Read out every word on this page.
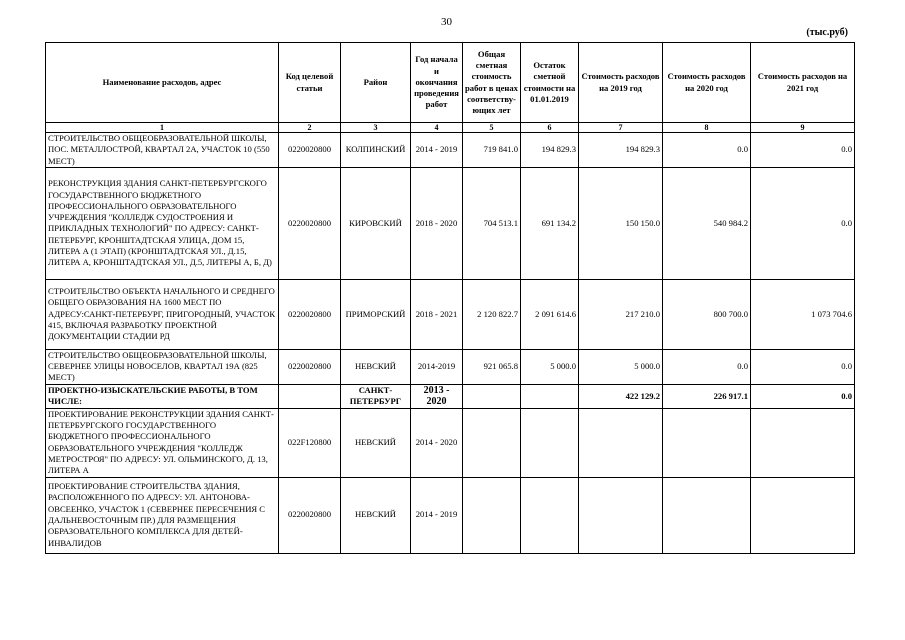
30
(тыс.руб)
Наименование расходов, адрес	Код целевой статьи	Район	Год начала и окончания проведения работ	Общая сметная стоимость работ в ценах соответству-ющих лет	Остаток сметной стоимости на 01.01.2019	Стоимость расходов на 2019 год	Стоимость расходов на 2020 год	Стоимость расходов на 2021 год
1	2	3	4	5	6	7	8	9
СТРОИТЕЛЬСТВО ОБЩЕОБРАЗОВАТЕЛЬНОЙ ШКОЛЫ, ПОС. МЕТАЛЛОСТРОЙ, КВАРТАЛ 2А, УЧАСТОК 10 (550 МЕСТ)	0220020800	КОЛПИНСКИЙ	2014 - 2019	719 841.0	194 829.3	194 829.3	0.0	0.0
РЕКОНСТРУКЦИЯ ЗДАНИЯ САНКТ-ПЕТЕРБУРГСКОГО ГОСУДАРСТВЕННОГО БЮДЖЕТНОГО ПРОФЕССИОНАЛЬНОГО ОБРАЗОВАТЕЛЬНОГО УЧРЕЖДЕНИЯ "КОЛЛЕДЖ СУДОСТРОЕНИЯ И ПРИКЛАДНЫХ ТЕХНОЛОГИЙ" ПО АДРЕСУ: САНКТ-ПЕТЕРБУРГ, КРОНШТАДТСКАЯ УЛИЦА, ДОМ 15, ЛИТЕРА А (1 ЭТАП) (КРОНШТАДТСКАЯ УЛ., Д.15, ЛИТЕРА А, КРОНШТАДТСКАЯ УЛ., Д.5, ЛИТЕРЫ А, Б, Д)	0220020800	КИРОВСКИЙ	2018 - 2020	704 513.1	691 134.2	150 150.0	540 984.2	0.0
СТРОИТЕЛЬСТВО ОБЪЕКТА НАЧАЛЬНОГО И СРЕДНЕГО ОБЩЕГО ОБРАЗОВАНИЯ НА 1600 МЕСТ ПО АДРЕСУ:САНКТ-ПЕТЕРБУРГ, ПРИГОРОДНЫЙ, УЧАСТОК 415, ВКЛЮЧАЯ РАЗРАБОТКУ ПРОЕКТНОЙ ДОКУМЕНТАЦИИ СТАДИИ РД	0220020800	ПРИМОРСКИЙ	2018 - 2021	2 120 822.7	2 091 614.6	217 210.0	800 700.0	1 073 704.6
СТРОИТЕЛЬСТВО ОБЩЕОБРАЗОВАТЕЛЬНОЙ ШКОЛЫ, СЕВЕРНЕЕ УЛИЦЫ НОВОСЕЛОВ, КВАРТАЛ 19А (825 МЕСТ)	0220020800	НЕВСКИЙ	2014-2019	921 065.8	5 000.0	5 000.0	0.0	0.0
ПРОЕКТНО-ИЗЫСКАТЕЛЬСКИЕ РАБОТЫ, В ТОМ ЧИСЛЕ:		САНКТ-ПЕТЕРБУРГ	2013 - 2020			422 129.2	226 917.1	0.0
ПРОЕКТИРОВАНИЕ РЕКОНСТРУКЦИИ ЗДАНИЯ САНКТ-ПЕТЕРБУРГСКОГО ГОСУДАРСТВЕННОГО БЮДЖЕТНОГО ПРОФЕССИОНАЛЬНОГО ОБРАЗОВАТЕЛЬНОГО УЧРЕЖДЕНИЯ "КОЛЛЕДЖ МЕТРОСТРОЯ" ПО АДРЕСУ: УЛ. ОЛЬМИНСКОГО, Д. 13, ЛИТЕРА А	022F120800	НЕВСКИЙ	2014 - 2020					
ПРОЕКТИРОВАНИЕ СТРОИТЕЛЬСТВА ЗДАНИЯ, РАСПОЛОЖЕННОГО ПО АДРЕСУ: УЛ. АНТОНОВА-ОВСЕЕНКО, УЧАСТОК 1 (СЕВЕРНЕЕ ПЕРЕСЕЧЕНИЯ С ДАЛЬНЕВОСТОЧНЫМ ПР.) ДЛЯ РАЗМЕЩЕНИЯ ОБРАЗОВАТЕЛЬНОГО КОМПЛЕКСА ДЛЯ ДЕТЕЙ-ИНВАЛИДОВ	0220020800	НЕВСКИЙ	2014 - 2019					
